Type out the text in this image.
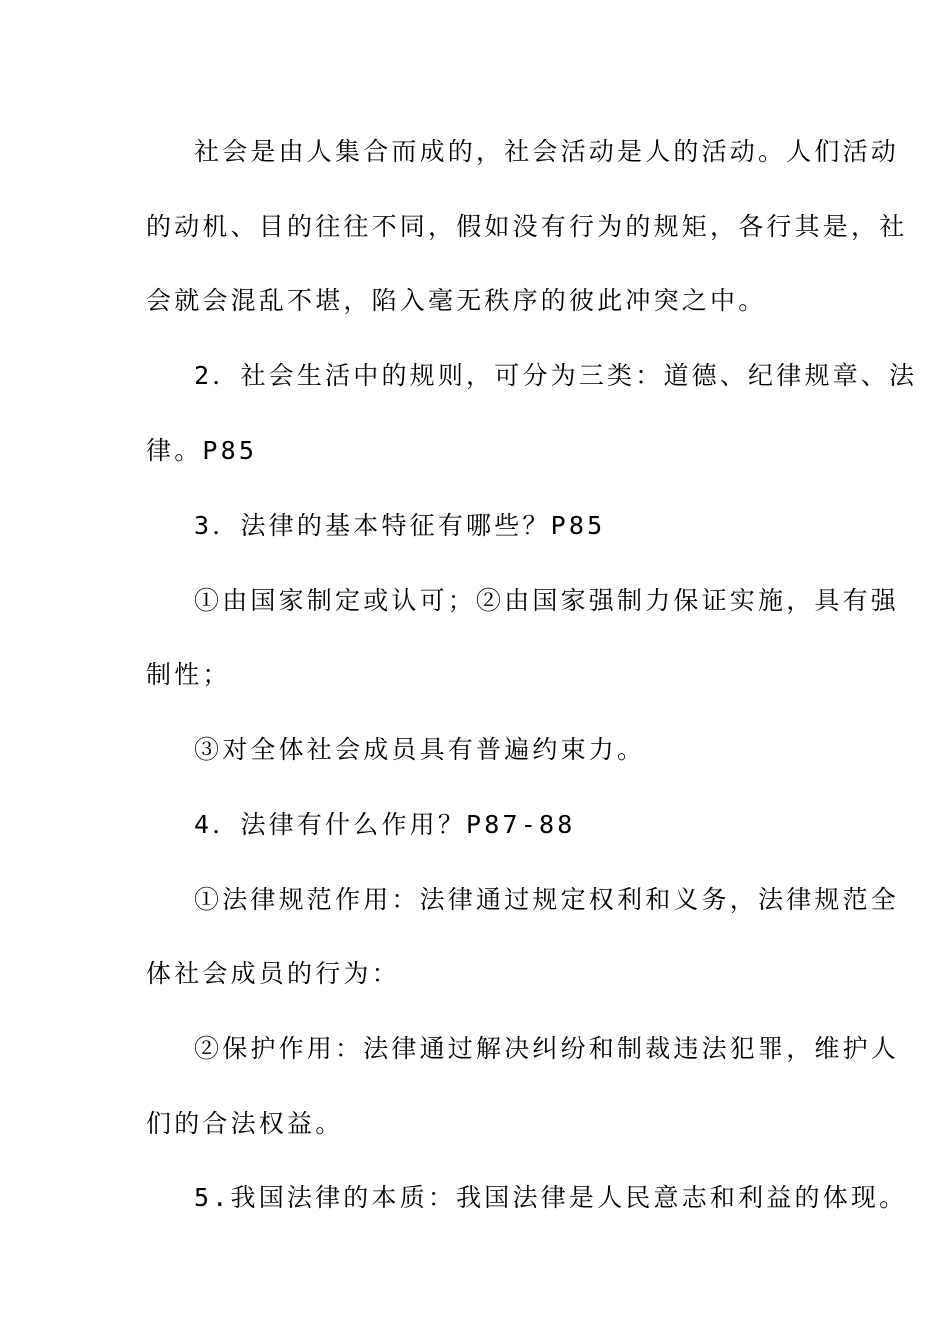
社会是由人集合而成的，社会活动是人的活动。人们活动
的动机、目的往往不同，假如没有行为的规矩，各行其是，社
会就会混乱不堪，陷入毫无秩序的彼此冲突之中。
2．社会生活中的规则，可分为三类：道德、纪律规章、法
律。P85
3．法律的基本特征有哪些？P85
①由国家制定或认可；②由国家强制力保证实施，具有强
制性；
③对全体社会成员具有普遍约束力。
4．法律有什么作用？P87-88
①法律规范作用：法律通过规定权利和义务，法律规范全
体社会成员的行为：
②保护作用：法律通过解决纠纷和制裁违法犯罪，维护人
们的合法权益。
5.我国法律的本质：我国法律是人民意志和利益的体现。
